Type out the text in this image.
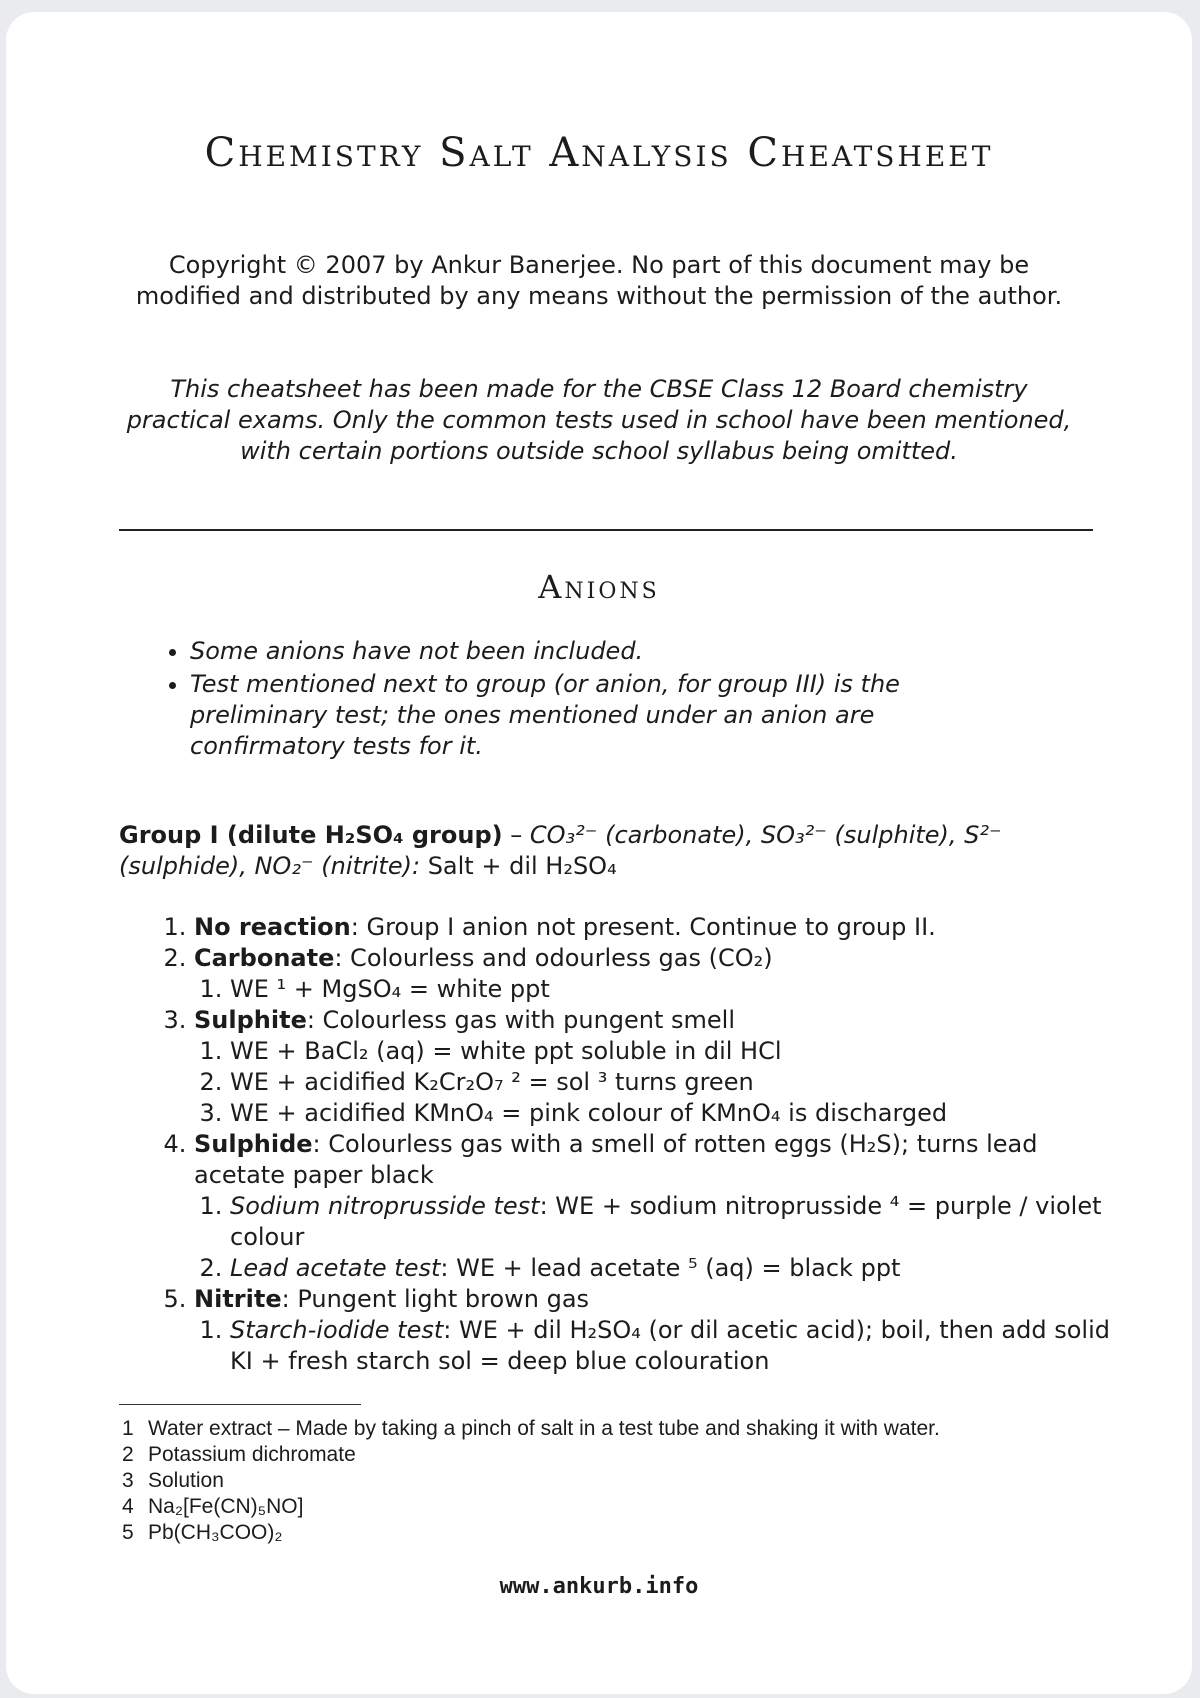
Chemistry Salt Analysis Cheatsheet
Copyright © 2007 by Ankur Banerjee. No part of this document may be modified and distributed by any means without the permission of the author.
This cheatsheet has been made for the CBSE Class 12 Board chemistry practical exams. Only the common tests used in school have been mentioned, with certain portions outside school syllabus being omitted.
Anions
• Some anions have not been included.
• Test mentioned next to group (or anion, for group III) is the preliminary test; the ones mentioned under an anion are confirmatory tests for it.
Group I (dilute H₂SO₄ group) – CO₃²⁻ (carbonate), SO₃²⁻ (sulphite), S²⁻ (sulphide), NO₂⁻ (nitrite): Salt + dil H₂SO₄
1. No reaction: Group I anion not present. Continue to group II.
2. Carbonate: Colourless and odourless gas (CO₂)
1. WE ¹ + MgSO₄ = white ppt
3. Sulphite: Colourless gas with pungent smell
1. WE + BaCl₂ (aq) = white ppt soluble in dil HCl
2. WE + acidified K₂Cr₂O₇ ² = sol ³ turns green
3. WE + acidified KMnO₄ = pink colour of KMnO₄ is discharged
4. Sulphide: Colourless gas with a smell of rotten eggs (H₂S); turns lead acetate paper black
1. Sodium nitroprusside test: WE + sodium nitroprusside ⁴ = purple / violet colour
2. Lead acetate test: WE + lead acetate ⁵ (aq) = black ppt
5. Nitrite: Pungent light brown gas
1. Starch-iodide test: WE + dil H₂SO₄ (or dil acetic acid); boil, then add solid KI + fresh starch sol = deep blue colouration
1 Water extract – Made by taking a pinch of salt in a test tube and shaking it with water.
2 Potassium dichromate
3 Solution
4 Na₂[Fe(CN)₅NO]
5 Pb(CH₃COO)₂
www.ankurb.info
